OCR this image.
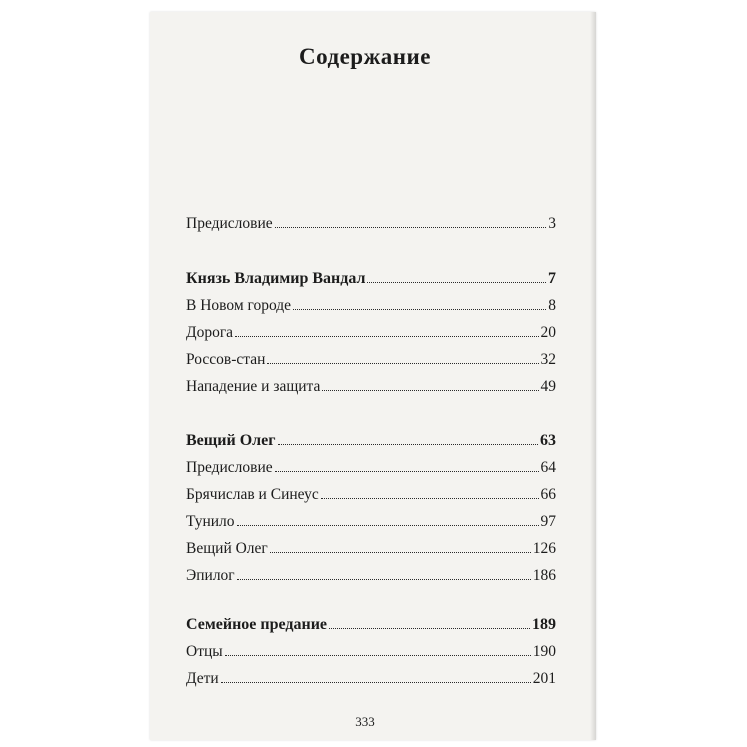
Содержание
Предисловие	3
Князь Владимир Вандал	7
В Новом городе	8
Дорога	20
Россов-стан	32
Нападение и защита	49
Вещий Олег	63
Предисловие	64
Брячислав и Синеус	66
Тунило	97
Вещий Олег	126
Эпилог	186
Семейное предание	189
Отцы	190
Дети	201
333
